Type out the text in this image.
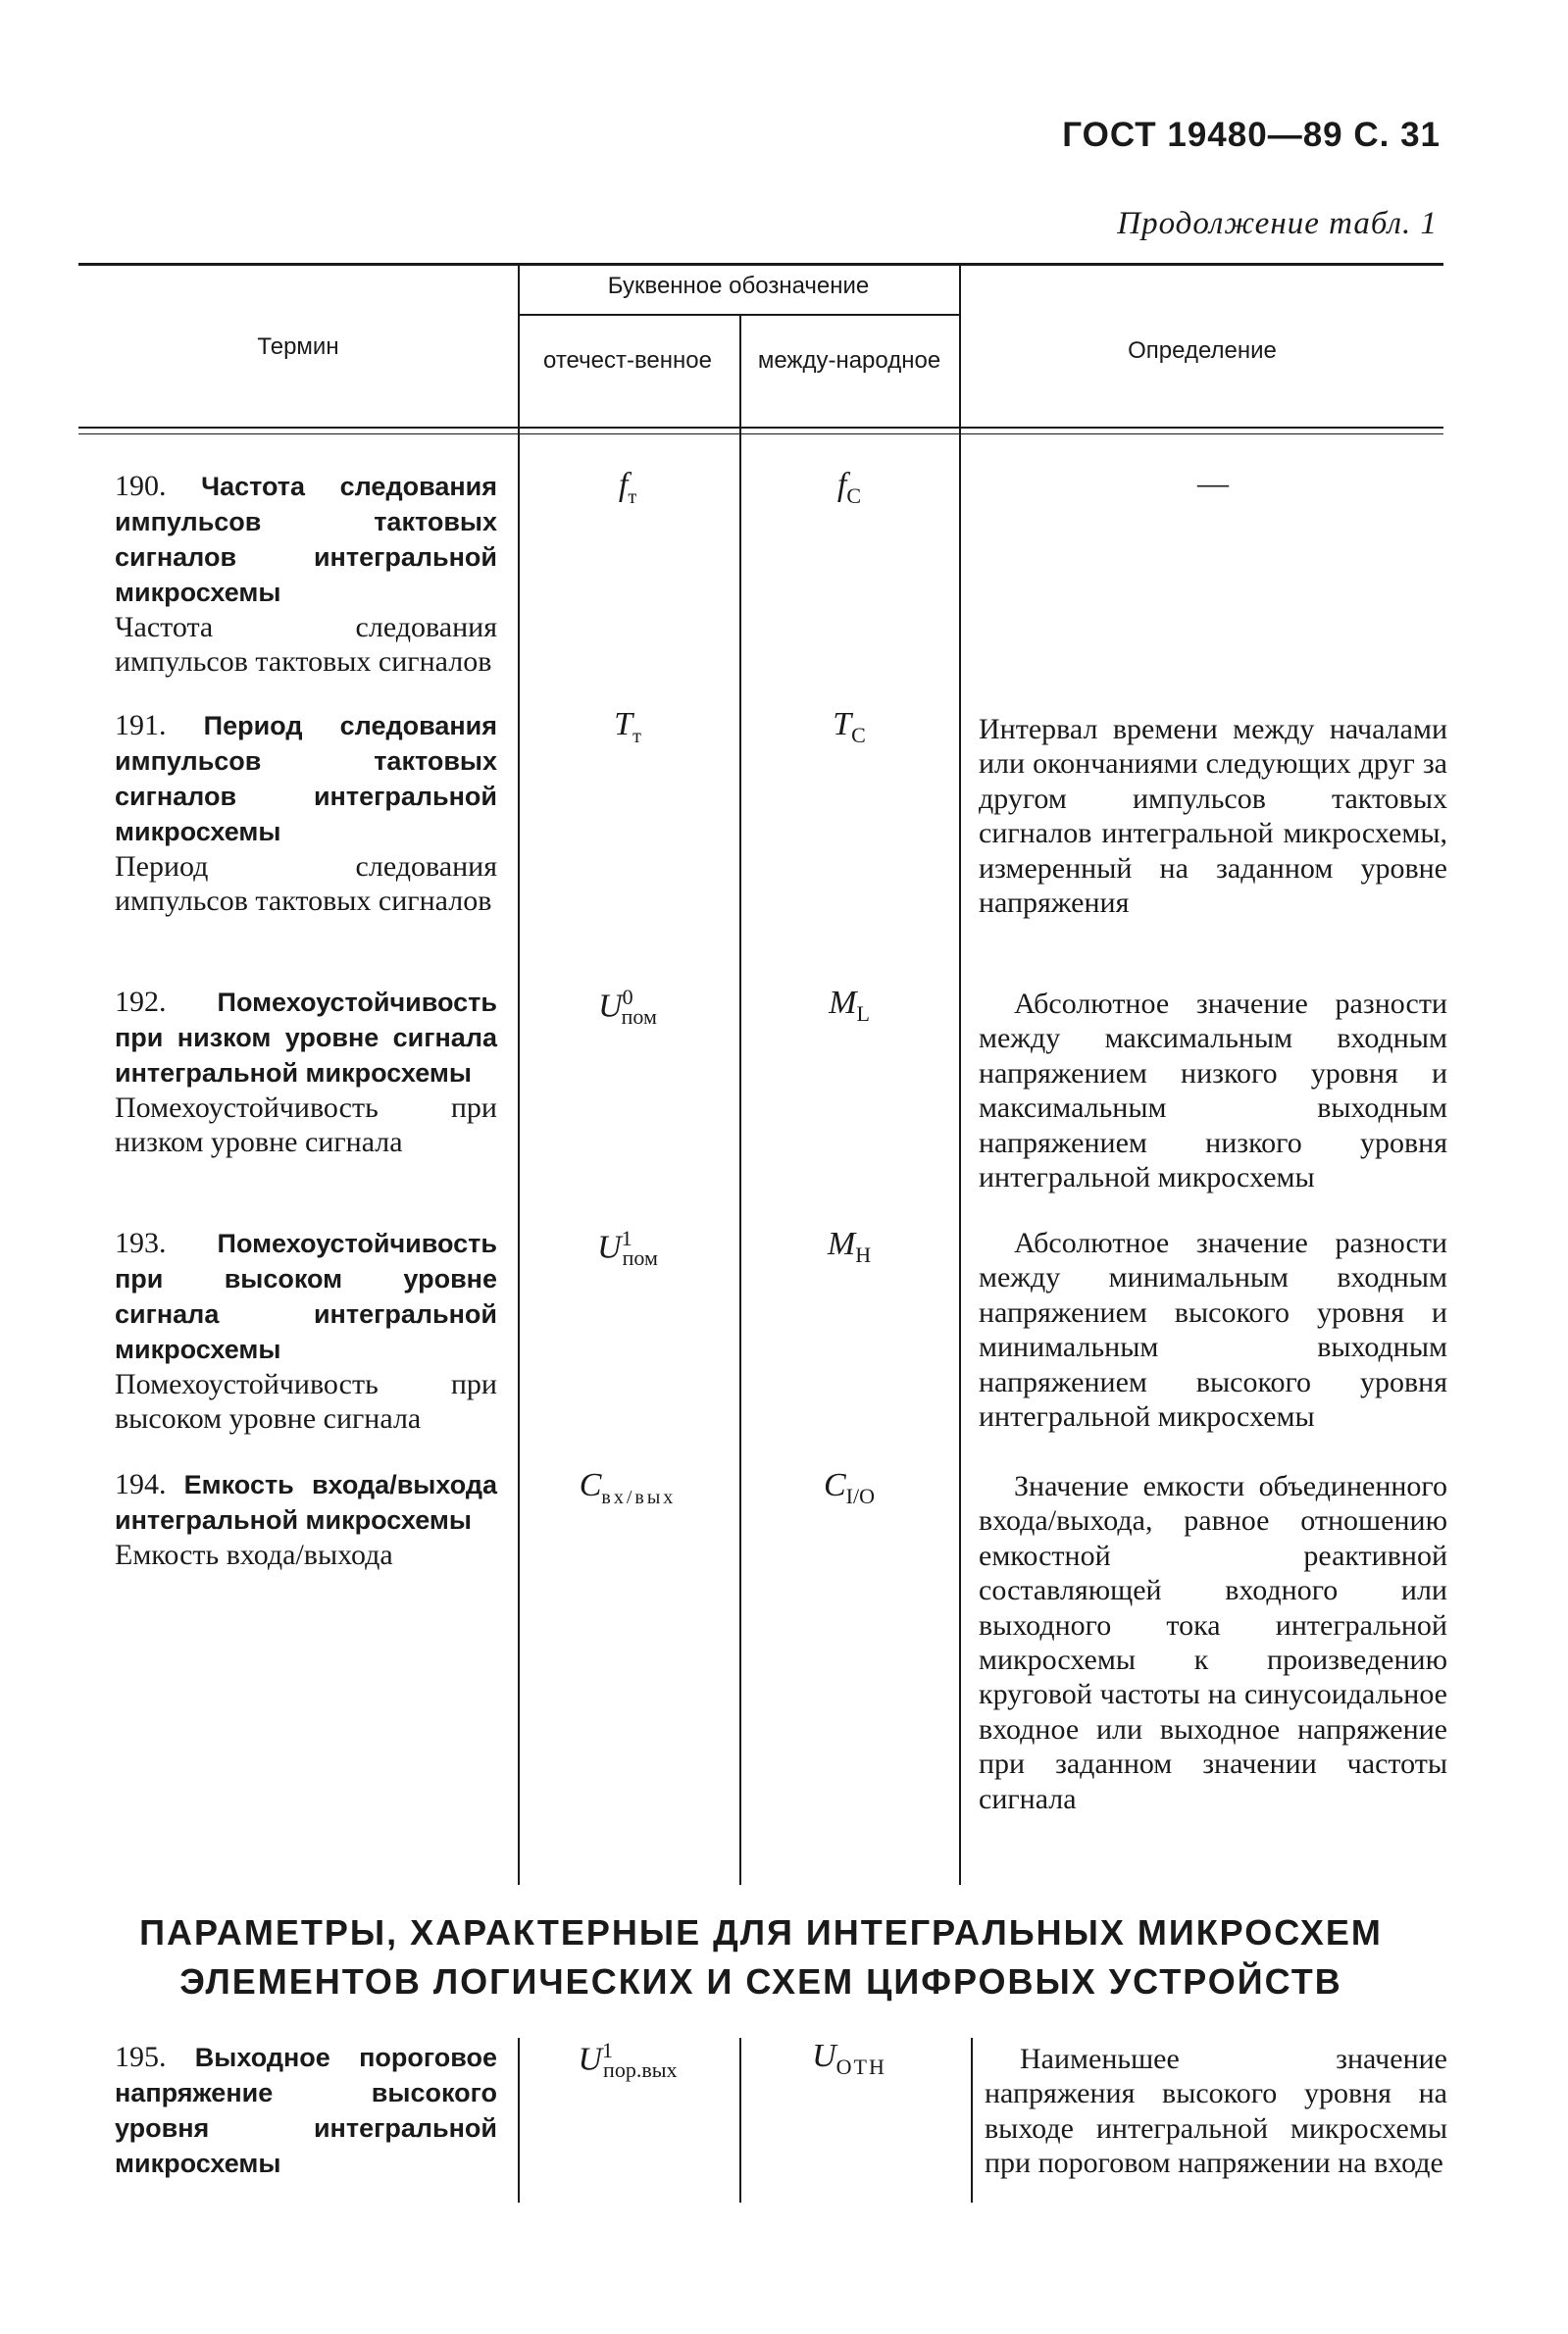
ГОСТ 19480—89 С. 31
Продолжение табл. 1
Термин
Буквенное обозначение
отечест-венное	между-народное	Определение
190. Частота следования импульсов тактовых сигналов интегральной микросхемы
Частота следования импульсов тактовых сигналов
$f_т$	$f_C$	—
191. Период следования импульсов тактовых сигналов интегральной микросхемы
Период следования импульсов тактовых сигналов
$T_т$	$T_C$	Интервал времени между началами или окончаниями следующих друг за другом импульсов тактовых сигналов интегральной микросхемы, измеренный на заданном уровне напряжения
192. Помехоустойчивость при низком уровне сигнала интегральной микросхемы
Помехоустойчивость при низком уровне сигнала
$U^0_{пом}$	$M_L$	Абсолютное значение разности между максимальным входным напряжением низкого уровня и максимальным выходным напряжением низкого уровня интегральной микросхемы
193. Помехоустойчивость при высоком уровне сигнала интегральной микросхемы
Помехоустойчивость при высоком уровне сигнала
$U^1_{пом}$	$M_H$	Абсолютное значение разности между минимальным входным напряжением высокого уровня и минимальным выходным напряжением высокого уровня интегральной микросхемы
194. Емкость входа/выхода интегральной микросхемы
Емкость входа/выхода
$C_{вх/вых}$	$C_{I/O}$	Значение емкости объединенного входа/выхода, равное отношению емкостной реактивной составляющей входного или выходного тока интегральной микросхемы к произведению круговой частоты на синусоидальное входное или выходное напряжение при заданном значении частоты сигнала
ПАРАМЕТРЫ, ХАРАКТЕРНЫЕ ДЛЯ ИНТЕГРАЛЬНЫХ МИКРОСХЕМ
ЭЛЕМЕНТОВ ЛОГИЧЕСКИХ И СХЕМ ЦИФРОВЫХ УСТРОЙСТВ
195. Выходное пороговое напряжение высокого уровня интегральной микросхемы
$U^1_{пор.вых}$	$U_{OTH}$	Наименьшее значение напряжения высокого уровня на выходе интегральной микросхемы при пороговом напряжении на входе
